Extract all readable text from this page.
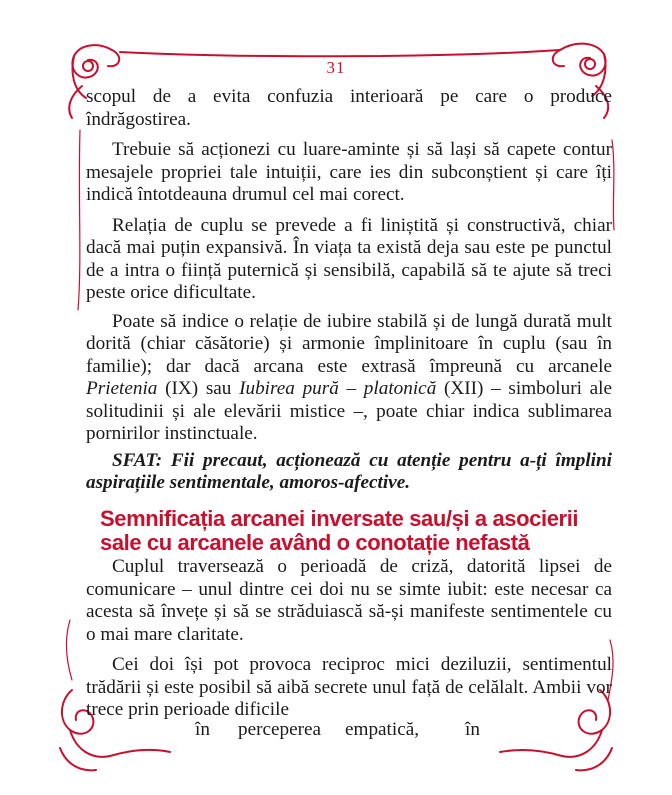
31

scopul de a evita confuzia interioară pe care o produce îndrăgostirea.

Trebuie să acționezi cu luare-aminte și să lași să capete contur mesajele propriei tale intuiții, care ies din subconștient și care îți indică întotdeauna drumul cel mai corect.

Relația de cuplu se prevede a fi liniștită și constructivă, chiar dacă mai puțin expansivă. În viața ta există deja sau este pe punctul de a intra o ființă puternică și sensibilă, capabilă să te ajute să treci peste orice dificultate.

Poate să indice o relație de iubire stabilă și de lungă durată mult dorită (chiar căsătorie) și armonie împlinitoare în cuplu (sau în familie); dar dacă arcana este extrasă împreună cu arcanele Prietenia (IX) sau Iubirea pură – platonică (XII) – simboluri ale solitudinii și ale elevării mistice –, poate chiar indica sublimarea pornirilor instinctuale.

SFAT: Fii precaut, acționează cu atenție pentru a-ți împlini aspirațiile sentimentale, amoros-afective.

Semnificația arcanei inversate sau/și a asocierii sale cu arcanele având o conotație nefastă

Cuplul traversează o perioadă de criză, datorită lipsei de comunicare – unul dintre cei doi nu se simte iubit: este necesar ca acesta să învețe și să se străduiască să-și manifeste sentimentele cu o mai mare claritate.

Cei doi își pot provoca reciproc mici deziluzii, sentimentul trădării și este posibil să aibă secrete unul față de celălalt. Ambii vor trece prin perioade dificile

în perceperea empatică, în
